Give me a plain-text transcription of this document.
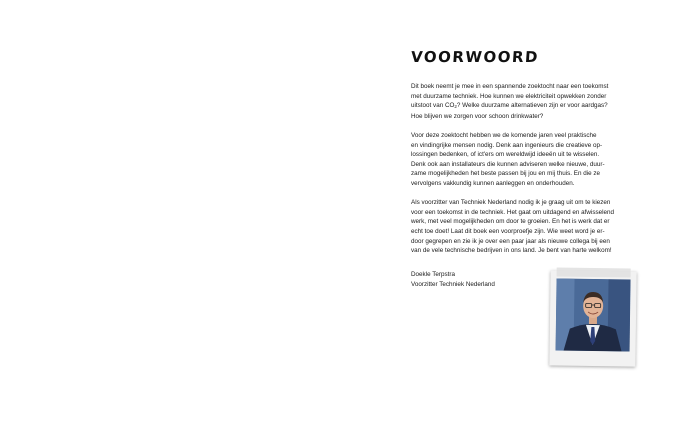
VOORWOORD

Dit boek neemt je mee in een spannende zoektocht naar een toekomst
met duurzame techniek. Hoe kunnen we elektriciteit opwekken zonder
uitstoot van $CO_2$? Welke duurzame alternatieven zijn er voor aardgas?
Hoe blijven we zorgen voor schoon drinkwater?

Voor deze zoektocht hebben we de komende jaren veel praktische
en vindingrijke mensen nodig. Denk aan ingenieurs die creatieve op-
lossingen bedenken, of ict'ers om wereldwijd ideeën uit te wisselen.
Denk ook aan installateurs die kunnen adviseren welke nieuwe, duur-
zame mogelijkheden het beste passen bij jou en mij thuis. En die ze
vervolgens vakkundig kunnen aanleggen en onderhouden.

Als voorzitter van Techniek Nederland nodig ik je graag uit om te kiezen
voor een toekomst in de techniek. Het gaat om uitdagend en afwisselend
werk, met veel mogelijkheden om door te groeien. En het is werk dat er
echt toe doet! Laat dit boek een voorproefje zijn. Wie weet word je er-
door gegrepen en zie ik je over een paar jaar als nieuwe collega bij een
van de vele technische bedrijven in ons land. Je bent van harte welkom!

Doekle Terpstra
Voorzitter Techniek Nederland
